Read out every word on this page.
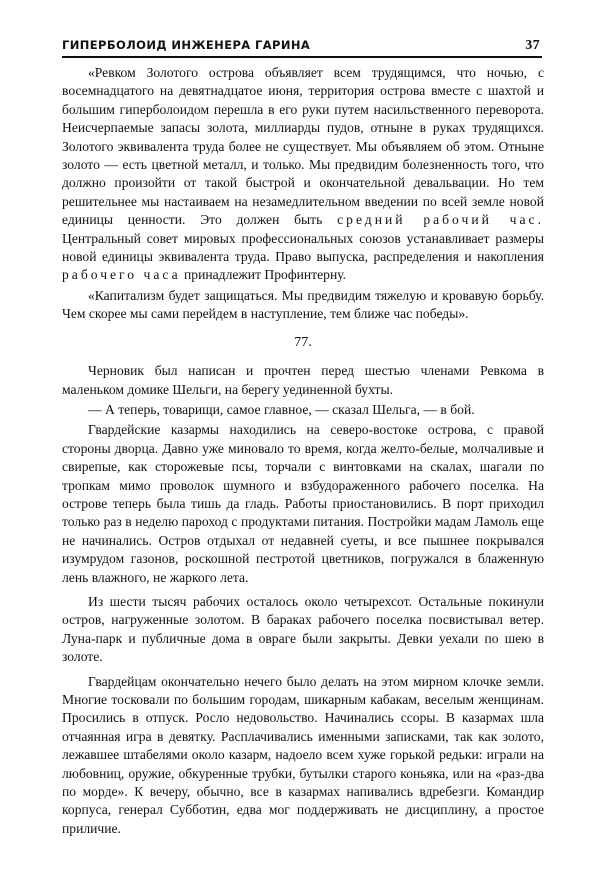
ГИПЕРБОЛОИД ИНЖЕНЕРА ГАРИНА	37

«Ревком Золотого острова объявляет всем трудящимся, что ночью, с восемнадцатого на девятнадцатое июня, территория острова вместе с шахтой и большим гиперболоидом перешла в его руки путем насильственного переворота. Неисчерпаемые запасы золота, миллиарды пудов, отныне в руках трудящихся. Золотого эквивалента труда более не существует. Мы объявляем об этом. Отныне золото — есть цветной металл, и только. Мы предвидим болезненность того, что должно произойти от такой быстрой и окончательной девальвации. Но тем решительнее мы настаиваем на незамедлительном введении по всей земле новой единицы ценности. Это должен быть средний рабочий час. Центральный совет мировых профессиональных союзов устанавливает размеры новой единицы эквивалента труда. Право выпуска, распределения и накопления рабочего часа принадлежит Профинтерну.

«Капитализм будет защищаться. Мы предвидим тяжелую и кровавую борьбу. Чем скорее мы сами перейдем в наступление, тем ближе час победы».

77.

Черновик был написан и прочтен перед шестью членами Ревкома в маленьком домике Шельги, на берегу уединенной бухты.

— А теперь, товарищи, самое главное, — сказал Шельга, — в бой.

Гвардейские казармы находились на северо-востоке острова, с правой стороны дворца. Давно уже миновало то время, когда желто-белые, молчаливые и свирепые, как сторожевые псы, торчали с винтовками на скалах, шагали по тропкам мимо проволок шумного и взбудораженного рабочего поселка. На острове теперь была тишь да гладь. Работы приостановились. В порт приходил только раз в неделю пароход с продуктами питания. Постройки мадам Ламоль еще не начинались. Остров отдыхал от недавней суеты, и все пышнее покрывался изумрудом газонов, роскошной пестротой цветников, погружался в блаженную лень влажного, не жаркого лета.

Из шести тысяч рабочих осталось около четырехсот. Остальные покинули остров, нагруженные золотом. В бараках рабочего поселка посвистывал ветер. Луна-парк и публичные дома в овраге были закрыты. Девки уехали по шею в золоте.

Гвардейцам окончательно нечего было делать на этом мирном клочке земли. Многие тосковали по большим городам, шикарным кабакам, веселым женщинам. Просились в отпуск. Росло недовольство. Начинались ссоры. В казармах шла отчаянная игра в девятку. Расплачивались именными записками, так как золото, лежавшее штабелями около казарм, надоело всем хуже горькой редьки: играли на любовниц, оружие, обкуренные трубки, бутылки старого коньяка, или на «раз-два по морде». К вечеру, обычно, все в казармах напивались вдребезги. Командир корпуса, генерал Субботин, едва мог поддерживать не дисциплину, а простое приличие.
